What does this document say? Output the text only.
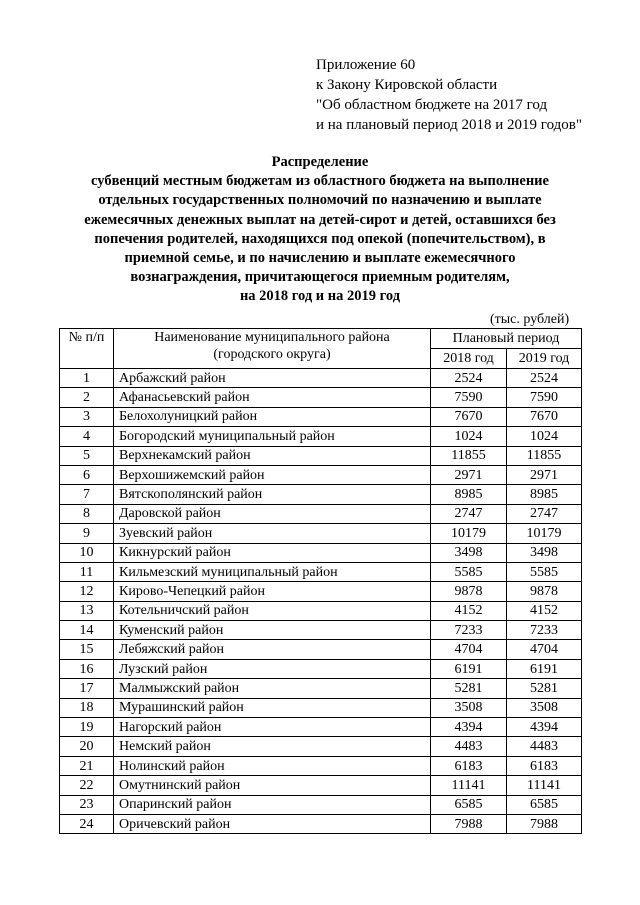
Приложение 60
к Закону Кировской области
"Об областном бюджете на 2017 год
и на плановый период 2018 и 2019 годов"
Распределение
субвенций местным бюджетам из областного бюджета на выполнение
отдельных государственных полномочий по назначению и выплате
ежемесячных денежных выплат на детей-сирот и детей, оставшихся без
попечения родителей, находящихся под опекой (попечительством), в
приемной семье, и по начислению и выплате ежемесячного
вознаграждения, причитающегося приемным родителям,
на 2018 год и на 2019 год
(тыс. рублей)
№ п/п	Наименование муниципального района
(городского округа)	Плановый период	
		2018 год	2019 год
1	Арбажский район	2524	2524
2	Афанасьевский район	7590	7590
3	Белохолуницкий район	7670	7670
4	Богородский муниципальный район	1024	1024
5	Верхнекамский район	11855	11855
6	Верхошижемский район	2971	2971
7	Вятскополянский район	8985	8985
8	Даровской район	2747	2747
9	Зуевский район	10179	10179
10	Кикнурский район	3498	3498
11	Кильмезский муниципальный район	5585	5585
12	Кирово-Чепецкий район	9878	9878
13	Котельничский район	4152	4152
14	Куменский район	7233	7233
15	Лебяжский район	4704	4704
16	Лузский район	6191	6191
17	Малмыжский район	5281	5281
18	Мурашинский район	3508	3508
19	Нагорский район	4394	4394
20	Немский район	4483	4483
21	Нолинский район	6183	6183
22	Омутнинский район	11141	11141
23	Опаринский район	6585	6585
24	Оричевский район	7988	7988
